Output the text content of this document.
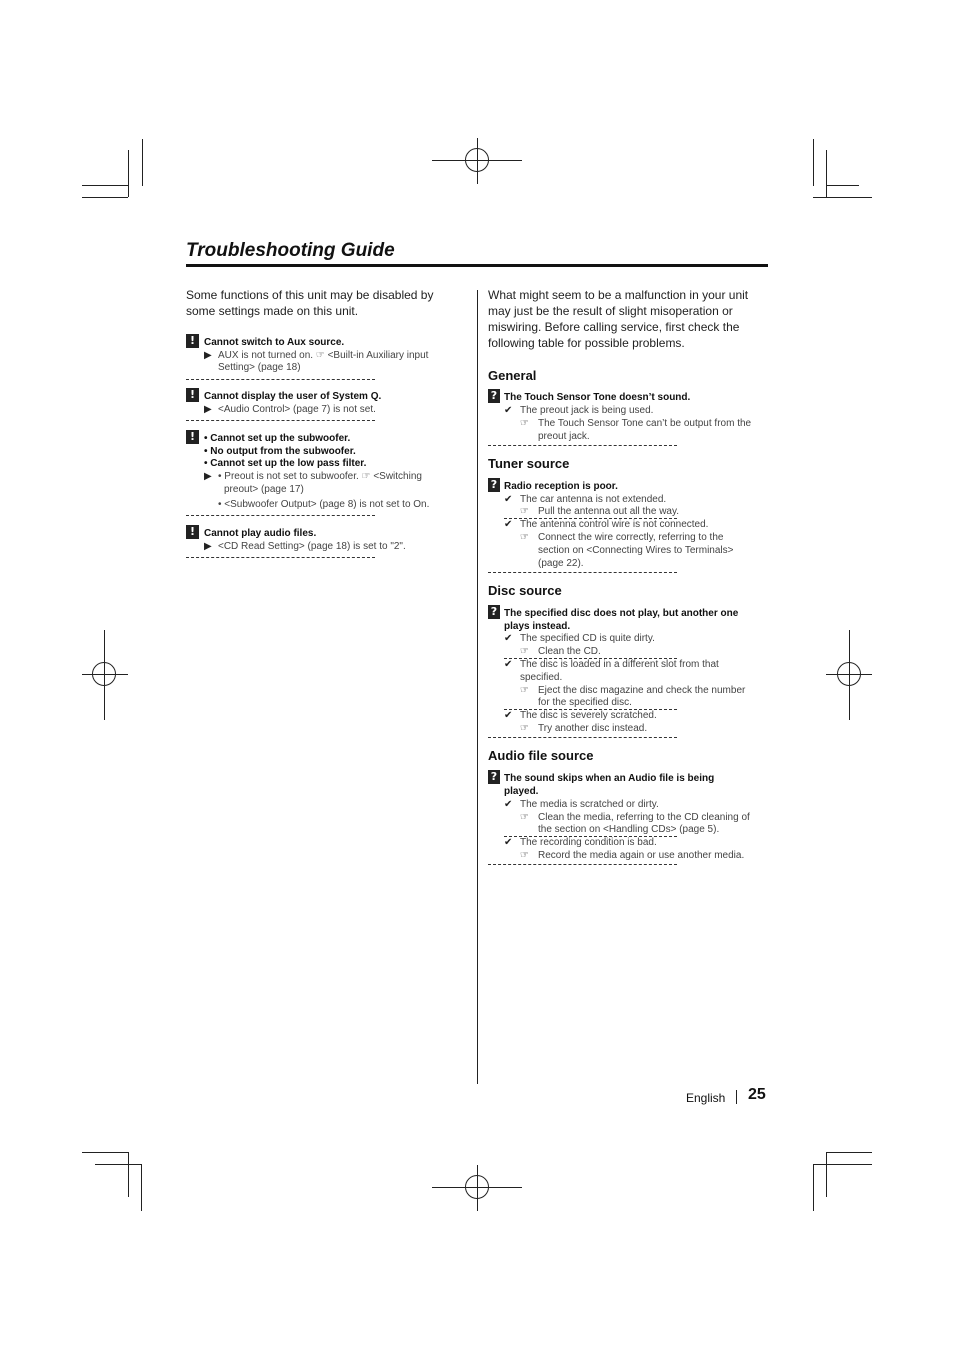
Troubleshooting Guide
Some functions of this unit may be disabled by some settings made on this unit.
! Cannot switch to Aux source.
▶ AUX is not turned on. ☞ <Built-in Auxiliary input
Setting> (page 18)
! Cannot display the user of System Q.
▶ <Audio Control> (page 7) is not set.
! • Cannot set up the subwoofer.
• No output from the subwoofer.
• Cannot set up the low pass filter.
▶ • Preout is not set to subwoofer. ☞ <Switching
preout> (page 17)
• <Subwoofer Output> (page 8) is not set to On.
! Cannot play audio files.
▶ <CD Read Setting> (page 18) is set to "2".
What might seem to be a malfunction in your unit may just be the result of slight misoperation or miswiring. Before calling service, first check the following table for possible problems.
General
? The Touch Sensor Tone doesn’t sound.
✔ The preout jack is being used.
☞ The Touch Sensor Tone can’t be output from the
preout jack.
Tuner source
? Radio reception is poor.
✔ The car antenna is not extended.
☞ Pull the antenna out all the way.
✔ The antenna control wire is not connected.
☞ Connect the wire correctly, referring to the
section on <Connecting Wires to Terminals>
(page 22).
Disc source
? The specified disc does not play, but another one
plays instead.
✔ The specified CD is quite dirty.
☞ Clean the CD.
✔ The disc is loaded in a different slot from that
specified.
☞ Eject the disc magazine and check the number
for the specified disc.
✔ The disc is severely scratched.
☞ Try another disc instead.
Audio file source
? The sound skips when an Audio file is being
played.
✔ The media is scratched or dirty.
☞ Clean the media, referring to the CD cleaning of
the section on <Handling CDs> (page 5).
✔ The recording condition is bad.
☞ Record the media again or use another media.
English 25
